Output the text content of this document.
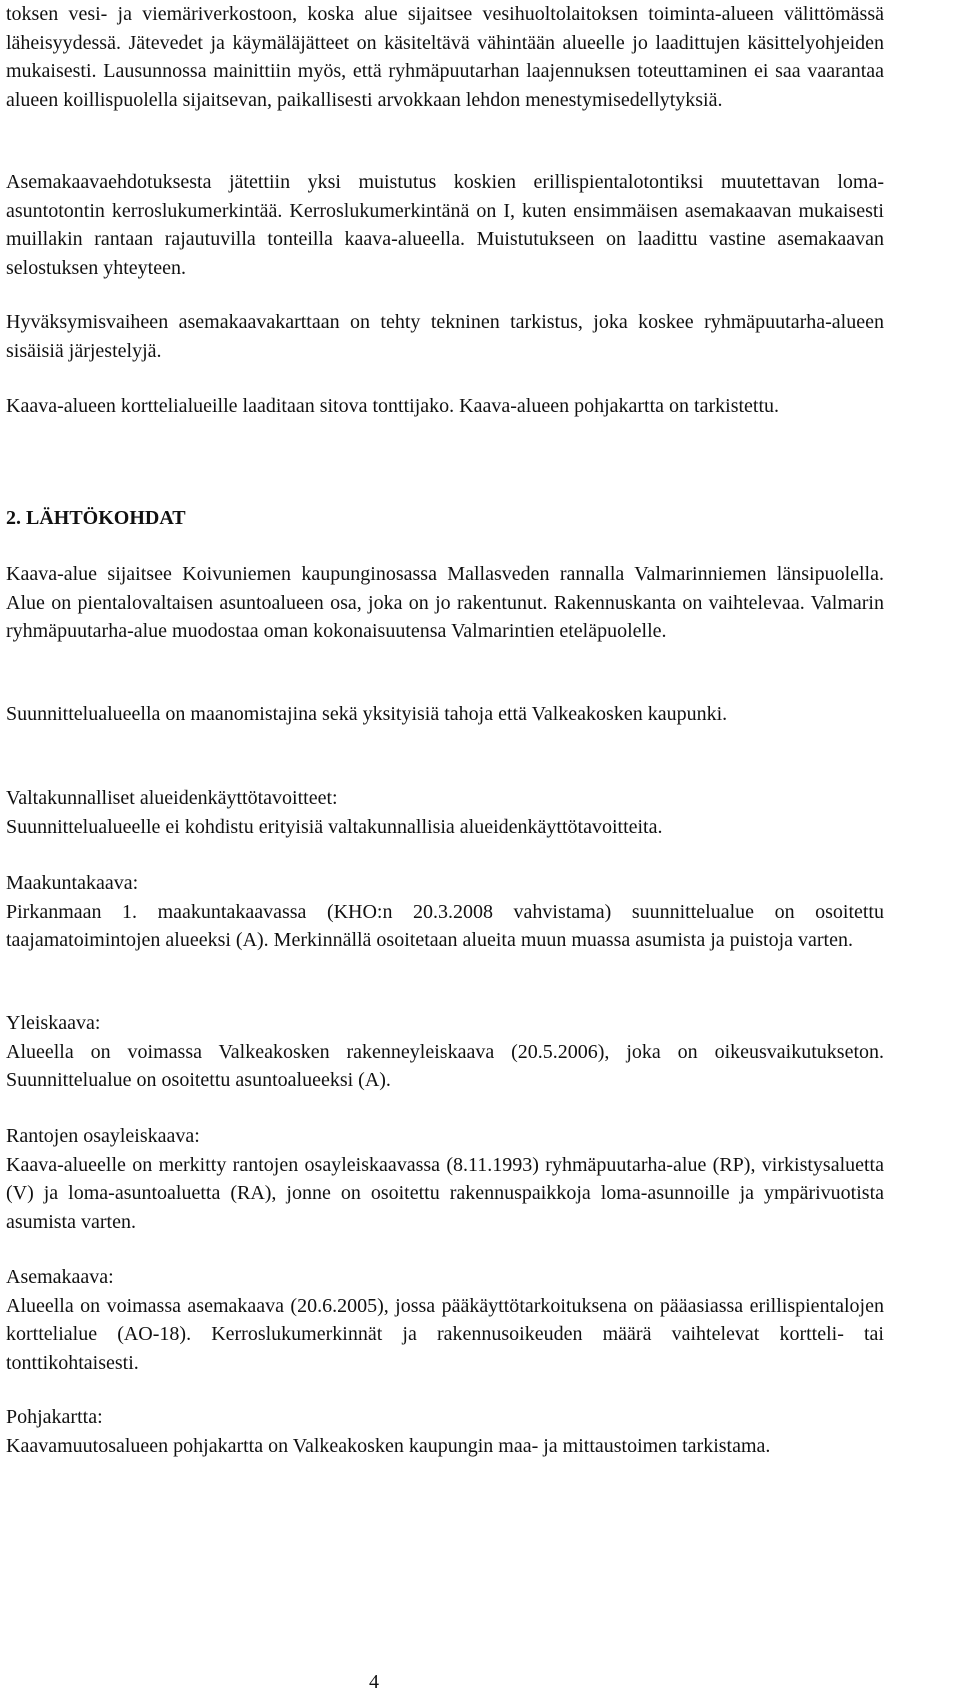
toksen vesi- ja viemäriverkostoon, koska alue sijaitsee vesihuoltolaitoksen toiminta-alueen välittömässä läheisyydessä. Jätevedet ja käymäläjätteet on käsiteltävä vähintään alueelle jo laadittujen käsittelyohjeiden mukaisesti. Lausunnossa mainittiin myös, että ryhmäpuutarhan laajennuksen toteuttaminen ei saa vaarantaa alueen koillispuolella sijaitsevan, paikallisesti arvokkaan lehdon menestymisedellytyksiä.

Asemakaavaehdotuksesta jätettiin yksi muistutus koskien erillispientalotontiksi muutettavan loma-asuntotontin kerroslukumerkintää. Kerroslukumerkintänä on I, kuten ensimmäisen asemakaavan mukaisesti muillakin rantaan rajautuvilla tonteilla kaava-alueella. Muistutukseen on laadittu vastine asemakaavan selostuksen yhteyteen.

Hyväksymisvaiheen asemakaavakarttaan on tehty tekninen tarkistus, joka koskee ryhmäpuutarha-alueen sisäisiä järjestelyjä.

Kaava-alueen korttelialueille laaditaan sitova tonttijako. Kaava-alueen pohjakartta on tarkistettu.

2. LÄHTÖKOHDAT

Kaava-alue sijaitsee Koivuniemen kaupunginosassa Mallasveden rannalla Valmarinniemen länsipuolella. Alue on pientalovaltaisen asuntoalueen osa, joka on jo rakentunut. Rakennuskanta on vaihtelevaa. Valmarin ryhmäpuutarha-alue muodostaa oman kokonaisuutensa Valmarintien eteläpuolelle.

Suunnittelualueella on maanomistajina sekä yksityisiä tahoja että Valkeakosken kaupunki.

Valtakunnalliset alueidenkäyttötavoitteet:
Suunnittelualueelle ei kohdistu erityisiä valtakunnallisia alueidenkäyttötavoitteita.

Maakuntakaava:
Pirkanmaan 1. maakuntakaavassa (KHO:n 20.3.2008 vahvistama) suunnittelualue on osoitettu taajamatoimintojen alueeksi (A). Merkinnällä osoitetaan alueita muun muassa asumista ja puistoja varten.

Yleiskaava:
Alueella on voimassa Valkeakosken rakenneyleiskaava (20.5.2006), joka on oikeusvaikutukseton. Suunnittelualue on osoitettu asuntoalueeksi (A).

Rantojen osayleiskaava:
Kaava-alueelle on merkitty rantojen osayleiskaavassa (8.11.1993) ryhmäpuutarha-alue (RP), virkistysaluetta (V) ja loma-asuntoaluetta (RA), jonne on osoitettu rakennuspaikkoja loma-asunnoille ja ympärivuotista asumista varten.

Asemakaava:
Alueella on voimassa asemakaava (20.6.2005), jossa pääkäyttötarkoituksena on pääasiassa erillispientalojen korttelialue (AO-18). Kerroslukumerkinnät ja rakennusoikeuden määrä vaihtelevat kortteli- tai tonttikohtaisesti.

Pohjakartta:
Kaavamuutosalueen pohjakartta on Valkeakosken kaupungin maa- ja mittaustoimen tarkistama.

4
